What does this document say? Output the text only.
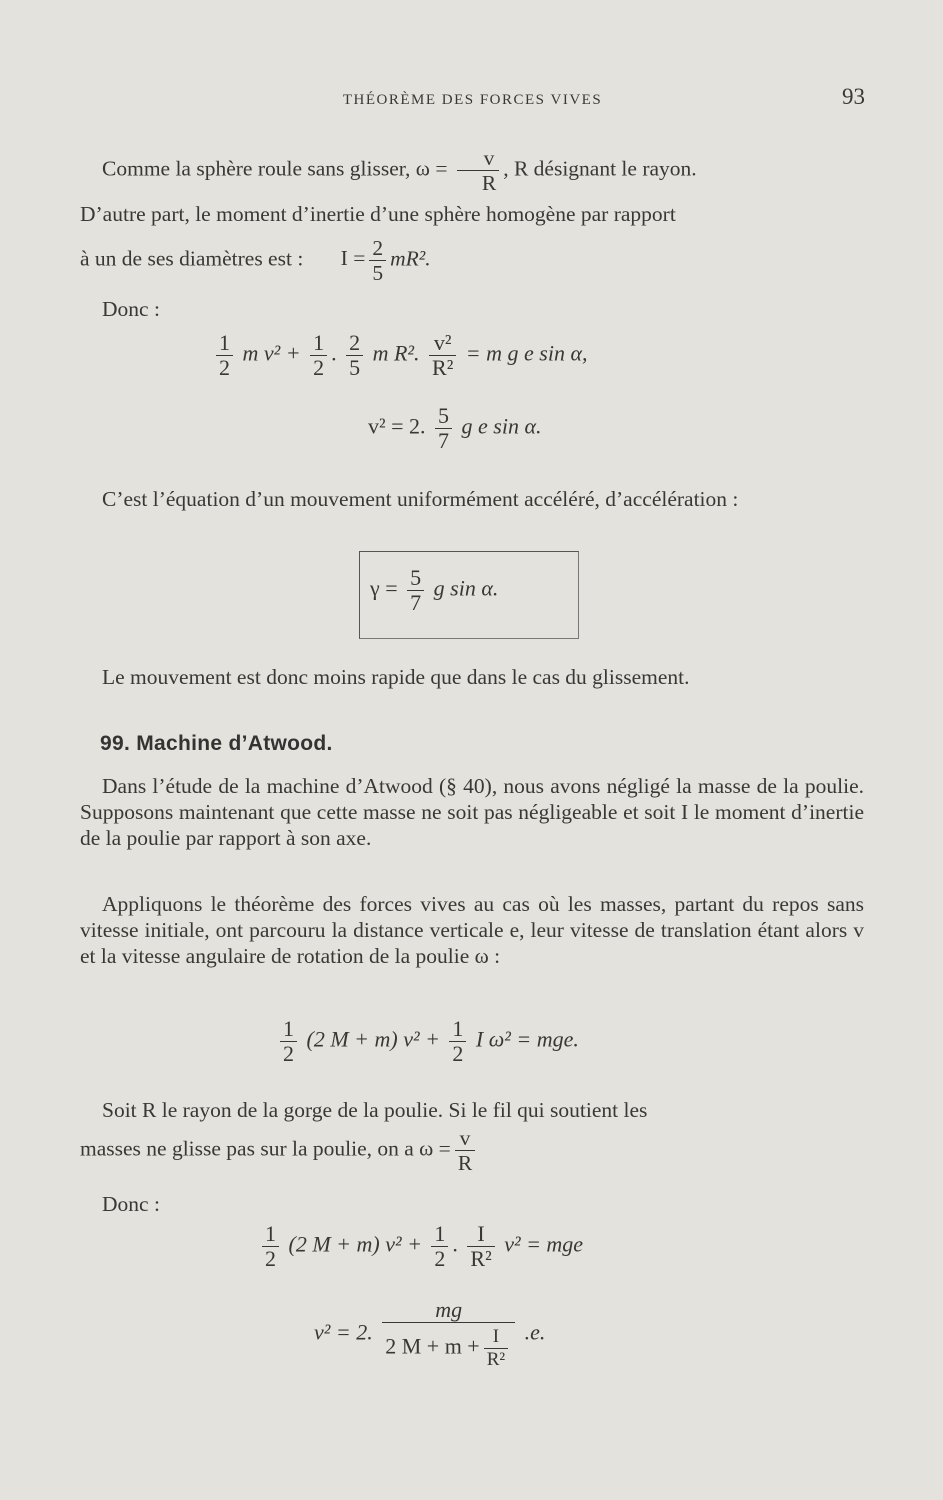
THÉORÈME DES FORCES VIVES	93
Comme la sphère roule sans glisser, $\omega = \frac{v}{R}$ , R désignant le rayon.
D’autre part, le moment d’inertie d’une sphère homogène par rapport
à un de ses diamètres est : $I = \frac{2}{5} mR^2$.
Donc :
$\frac{1}{2}$ m $v^2 + \frac{1}{2}$ . $\frac{2}{5}$ m R². $\frac{\text{v²}}{\text{R²}} = m$ g e sin α,
v² = 2. $\frac{5}{7}$ g e sin α.
C’est l’équation d’un mouvement uniformément accéléré, d’accélération :
$\gamma = \frac{5}{7}$ g sin α.
Le mouvement est donc moins rapide que dans le cas du glissement.
99. Machine d’Atwood.
Dans l’étude de la machine d’Atwood (§ 40), nous avons négligé la masse de la poulie. Supposons maintenant que cette masse ne soit pas négligeable et soit I le moment d’inertie de la poulie par rapport à son axe.
Appliquons le théorème des forces vives au cas où les masses, partant du repos sans vitesse initiale, ont parcouru la distance verticale e, leur vitesse de translation étant alors v et la vitesse angulaire de rotation de la poulie ω :
$\frac{1}{2} (2$ M + m) $v^2 + \frac{1}{2}$ I ω² = mge.
Soit R le rayon de la gorge de la poulie. Si le fil qui soutient les
masses ne glisse pas sur la poulie, on a $\omega = \frac{v}{R}$
Donc :
$\frac{1}{2} (2$ M + m) $v^2 + \frac{1}{2}$ . $\frac{I}{\text{R²}} v^2$ = mge
v² = 2. $\frac{mg}{2 M + m + \frac{I}{\text{R²}}} .e$.
